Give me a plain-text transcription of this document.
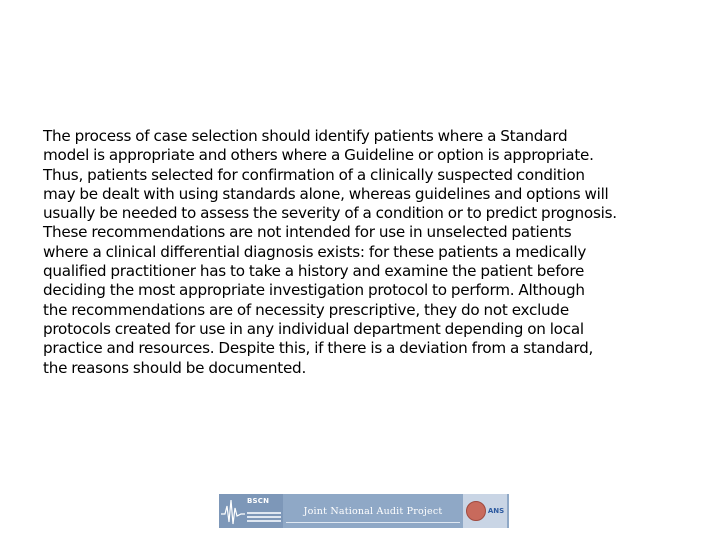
The process of case selection should identify patients where a Standard
model is appropriate and others where a Guideline or option is appropriate.
Thus, patients selected for confirmation of a clinically suspected condition
may be dealt with using standards alone, whereas guidelines and options will
usually be needed to assess the severity of a condition or to predict prognosis.
These recommendations are not intended for use in unselected patients
where a clinical differential diagnosis exists: for these patients a medically
qualified practitioner has to take a history and examine the patient before
deciding the most appropriate investigation protocol to perform. Although
the recommendations are of necessity prescriptive, they do not exclude
protocols created for use in any individual department depending on local
practice and resources. Despite this, if there is a deviation from a standard,
the reasons should be documented.

BSCN
Joint National Audit Project	ANS
